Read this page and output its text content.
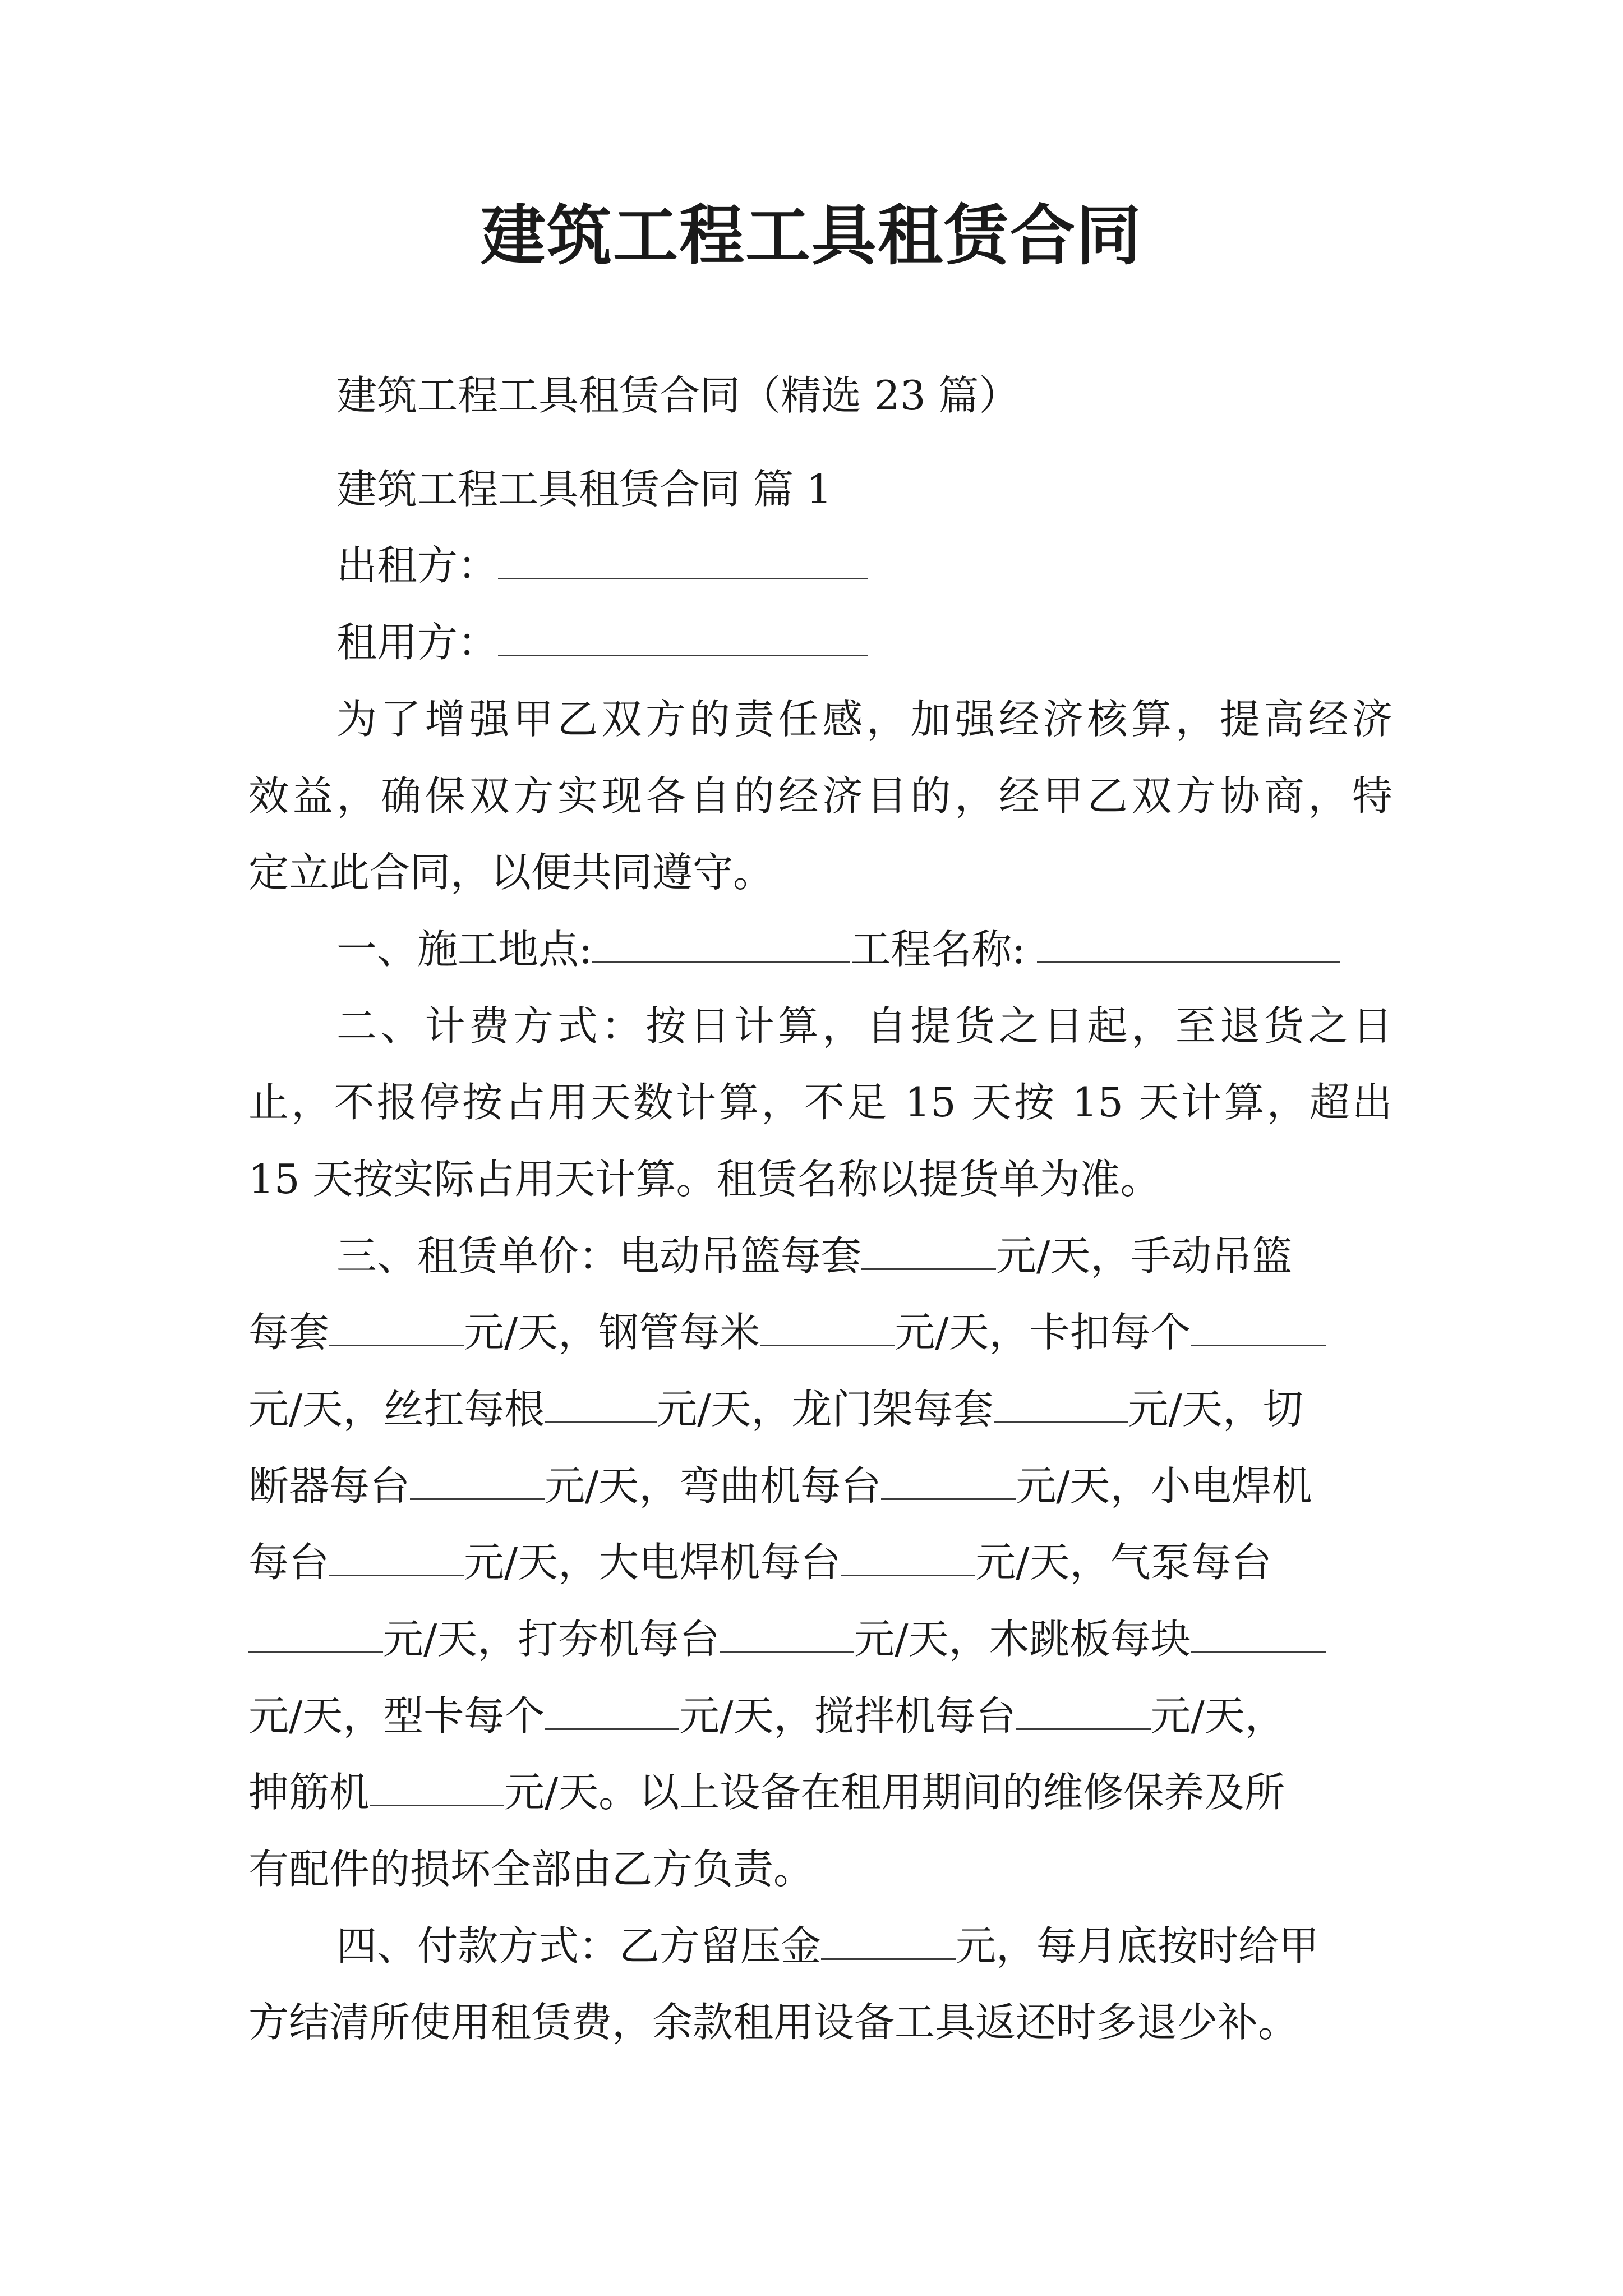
建筑工程工具租赁合同
建筑工程工具租赁合同（精选 23 篇）
建筑工程工具租赁合同 篇 1
出租方：
租用方：
为了增强甲乙双方的责任感，加强经济核算，提高经济
效益，确保双方实现各自的经济目的，经甲乙双方协商，特
定立此合同，以便共同遵守。
一、施工地点:	工程名称:
二、计费方式：按日计算，自提货之日起，至退货之日
止，不报停按占用天数计算，不足 15 天按 15 天计算，超出
15 天按实际占用天计算。租赁名称以提货单为准。
三、租赁单价：电动吊篮每套	元/天，手动吊篮
每套	元/天，钢管每米	元/天，卡扣每个
元/天，丝扛每根	元/天，龙门架每套	元/天，切
断器每台	元/天，弯曲机每台	元/天，小电焊机
每台	元/天，大电焊机每台	元/天，气泵每台
元/天，打夯机每台	元/天，木跳板每块
元/天，型卡每个	元/天，搅拌机每台	元/天，
抻筋机	元/天。以上设备在租用期间的维修保养及所
有配件的损坏全部由乙方负责。
四、付款方式：乙方留压金	元，每月底按时给甲
方结清所使用租赁费，余款租用设备工具返还时多退少补。
